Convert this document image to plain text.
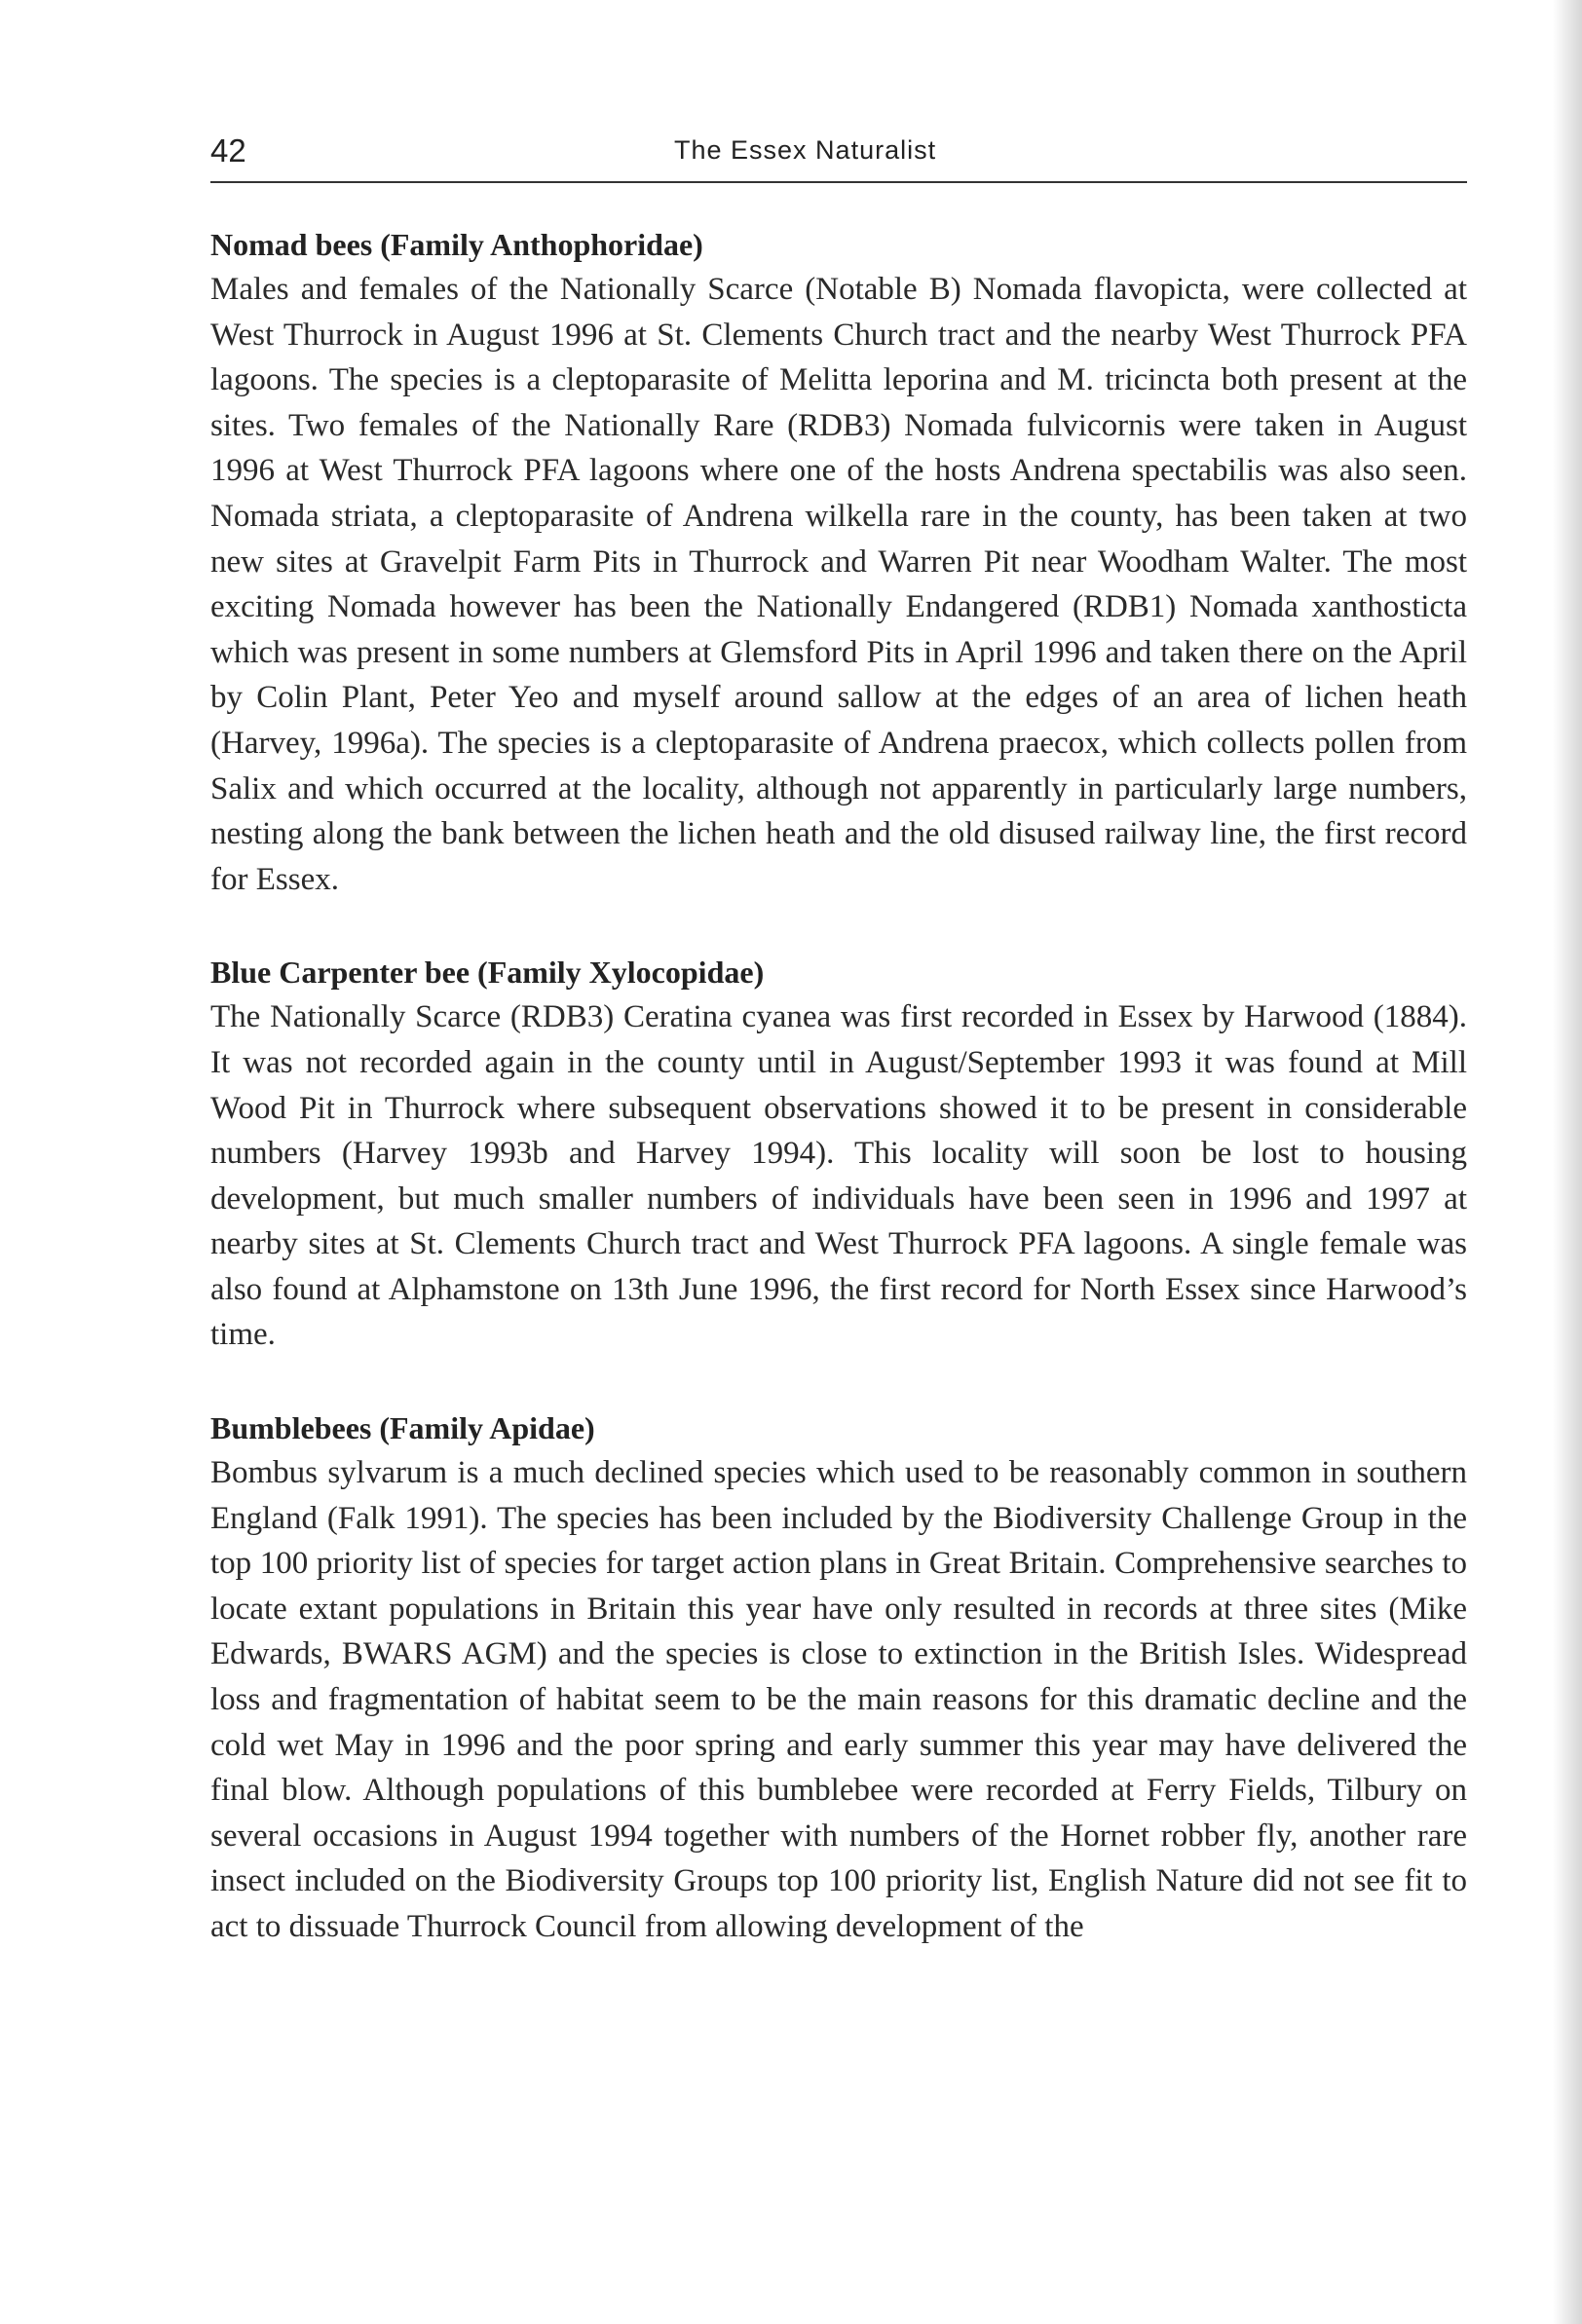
42	The Essex Naturalist
Nomad bees (Family Anthophoridae)

Males and females of the Nationally Scarce (Notable B) Nomada flavopicta, were collected at West Thurrock in August 1996 at St. Clements Church tract and the nearby West Thurrock PFA lagoons. The species is a cleptoparasite of Melitta leporina and M. tricincta both present at the sites. Two females of the Nationally Rare (RDB3) Nomada fulvicornis were taken in August 1996 at West Thurrock PFA lagoons where one of the hosts Andrena spectabilis was also seen. Nomada striata, a cleptoparasite of Andrena wilkella rare in the county, has been taken at two new sites at Gravelpit Farm Pits in Thurrock and Warren Pit near Woodham Walter. The most exciting Nomada however has been the Nationally Endangered (RDB1) Nomada xanthosticta which was present in some numbers at Glemsford Pits in April 1996 and taken there on the April by Colin Plant, Peter Yeo and myself around sallow at the edges of an area of lichen heath (Harvey, 1996a). The species is a cleptoparasite of Andrena praecox, which collects pollen from Salix and which occurred at the locality, although not apparently in particularly large numbers, nesting along the bank between the lichen heath and the old disused railway line, the first record for Essex.

Blue Carpenter bee (Family Xylocopidae)

The Nationally Scarce (RDB3) Ceratina cyanea was first recorded in Essex by Harwood (1884). It was not recorded again in the county until in August/September 1993 it was found at Mill Wood Pit in Thurrock where subsequent observations showed it to be present in considerable numbers (Harvey 1993b and Harvey 1994). This locality will soon be lost to housing development, but much smaller numbers of individuals have been seen in 1996 and 1997 at nearby sites at St. Clements Church tract and West Thurrock PFA lagoons. A single female was also found at Alphamstone on 13th June 1996, the first record for North Essex since Harwood’s time.

Bumblebees (Family Apidae)

Bombus sylvarum is a much declined species which used to be reasonably common in southern England (Falk 1991). The species has been included by the Biodiversity Challenge Group in the top 100 priority list of species for target action plans in Great Britain. Comprehensive searches to locate extant populations in Britain this year have only resulted in records at three sites (Mike Edwards, BWARS AGM) and the species is close to extinction in the British Isles. Widespread loss and fragmentation of habitat seem to be the main reasons for this dramatic decline and the cold wet May in 1996 and the poor spring and early summer this year may have delivered the final blow. Although populations of this bumblebee were recorded at Ferry Fields, Tilbury on several occasions in August 1994 together with numbers of the Hornet robber fly, another rare insect included on the Biodiversity Groups top 100 priority list, English Nature did not see fit to act to dissuade Thurrock Council from allowing development of the
